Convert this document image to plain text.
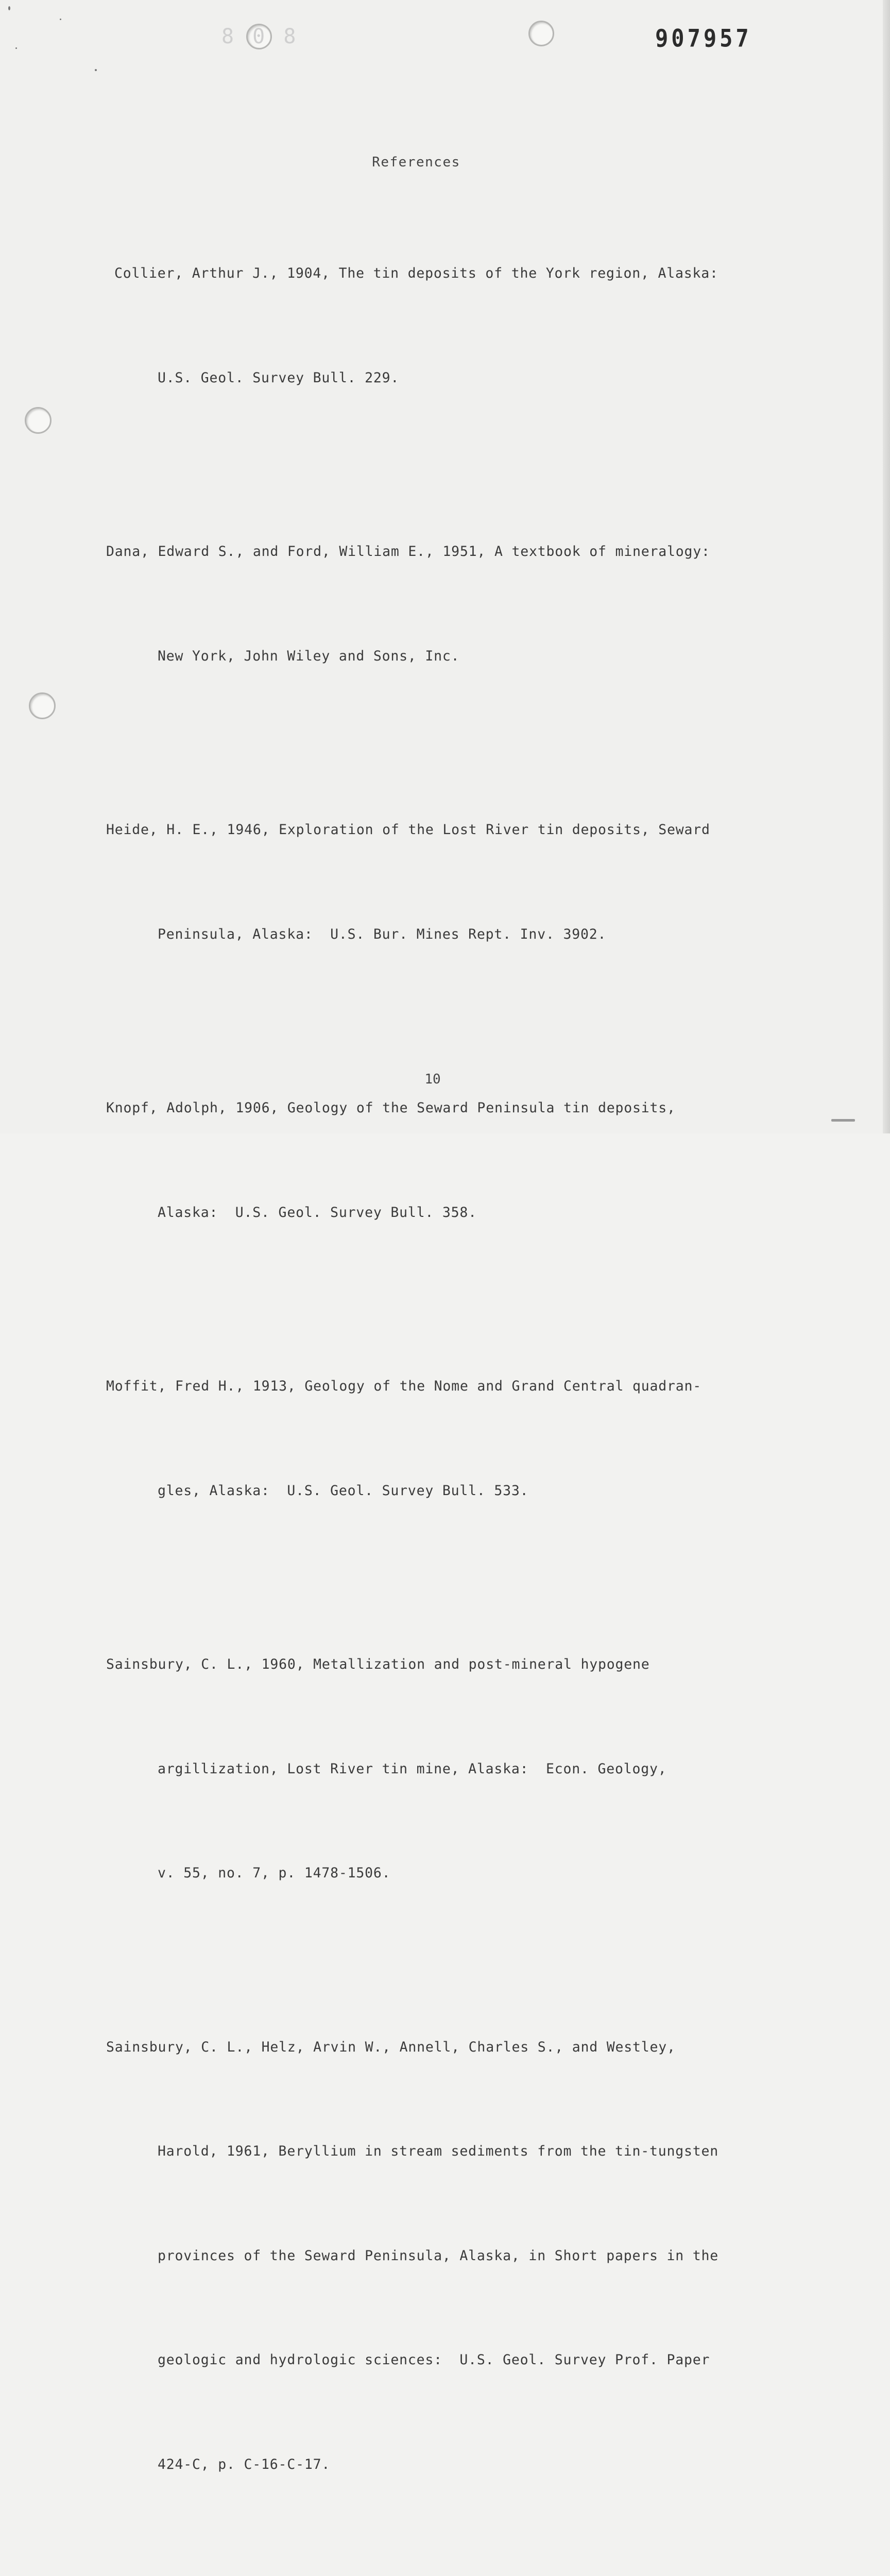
8 0 8	907957
References

Collier, Arthur J., 1904, The tin deposits of the York region, Alaska:

U.S. Geol. Survey Bull. 229.

Dana, Edward S., and Ford, William E., 1951, A textbook of mineralogy:

New York, John Wiley and Sons, Inc.

Heide, H. E., 1946, Exploration of the Lost River tin deposits, Seward

Peninsula, Alaska:  U.S. Bur. Mines Rept. Inv. 3902.

Knopf, Adolph, 1906, Geology of the Seward Peninsula tin deposits,

Alaska:  U.S. Geol. Survey Bull. 358.

Moffit, Fred H., 1913, Geology of the Nome and Grand Central quadran-

gles, Alaska:  U.S. Geol. Survey Bull. 533.

Sainsbury, C. L., 1960, Metallization and post-mineral hypogene

argillization, Lost River tin mine, Alaska:  Econ. Geology,

v. 55, no. 7, p. 1478-1506.

Sainsbury, C. L., Helz, Arvin W., Annell, Charles S., and Westley,

Harold, 1961, Beryllium in stream sediments from the tin-tungsten

provinces of the Seward Peninsula, Alaska, in Short papers in the

geologic and hydrologic sciences:  U.S. Geol. Survey Prof. Paper

424-C, p. C-16-C-17.

10
